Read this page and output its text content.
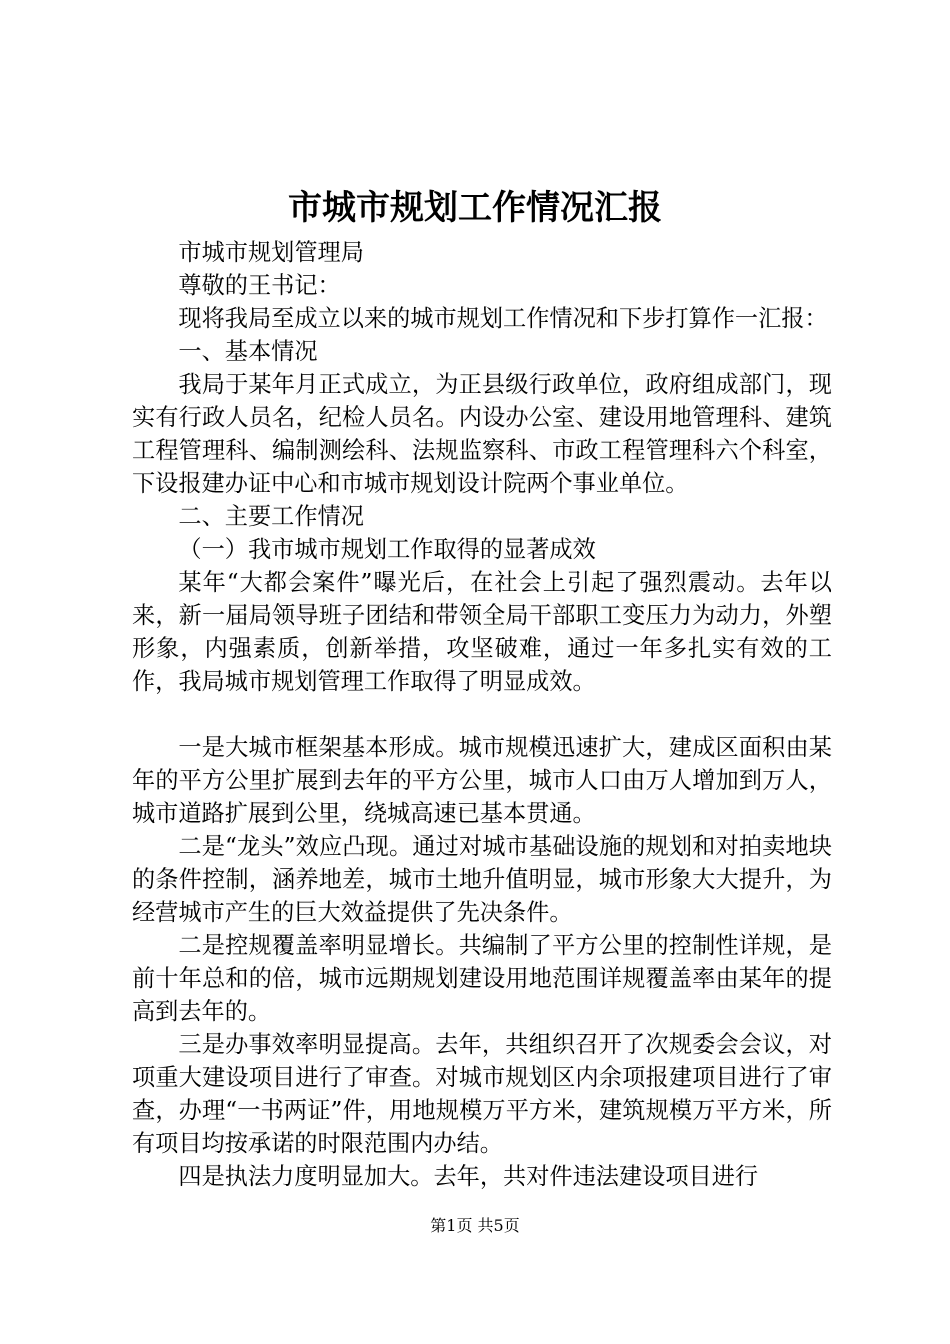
市城市规划工作情况汇报

市城市规划管理局

尊敬的王书记：

现将我局至成立以来的城市规划工作情况和下步打算作一汇报：

一、基本情况

我局于某年月正式成立，为正县级行政单位，政府组成部门，现实有行政人员名，纪检人员名。内设办公室、建设用地管理科、建筑工程管理科、编制测绘科、法规监察科、市政工程管理科六个科室，下设报建办证中心和市城市规划设计院两个事业单位。

二、主要工作情况

（一）我市城市规划工作取得的显著成效

某年“大都会案件”曝光后，在社会上引起了强烈震动。去年以来，新一届局领导班子团结和带领全局干部职工变压力为动力，外塑形象，内强素质，创新举措，攻坚破难，通过一年多扎实有效的工作，我局城市规划管理工作取得了明显成效。

一是大城市框架基本形成。城市规模迅速扩大，建成区面积由某年的平方公里扩展到去年的平方公里，城市人口由万人增加到万人，城市道路扩展到公里，绕城高速已基本贯通。

二是“龙头”效应凸现。通过对城市基础设施的规划和对拍卖地块的条件控制，涵养地差，城市土地升值明显，城市形象大大提升，为经营城市产生的巨大效益提供了先决条件。

二是控规覆盖率明显增长。共编制了平方公里的控制性详规，是前十年总和的倍，城市远期规划建设用地范围详规覆盖率由某年的提高到去年的。

三是办事效率明显提高。去年，共组织召开了次规委会会议，对项重大建设项目进行了审查。对城市规划区内余项报建项目进行了审查，办理“一书两证”件，用地规模万平方米，建筑规模万平方米，所有项目均按承诺的时限范围内办结。

四是执法力度明显加大。去年，共对件违法建设项目进行

第1页 共5页
